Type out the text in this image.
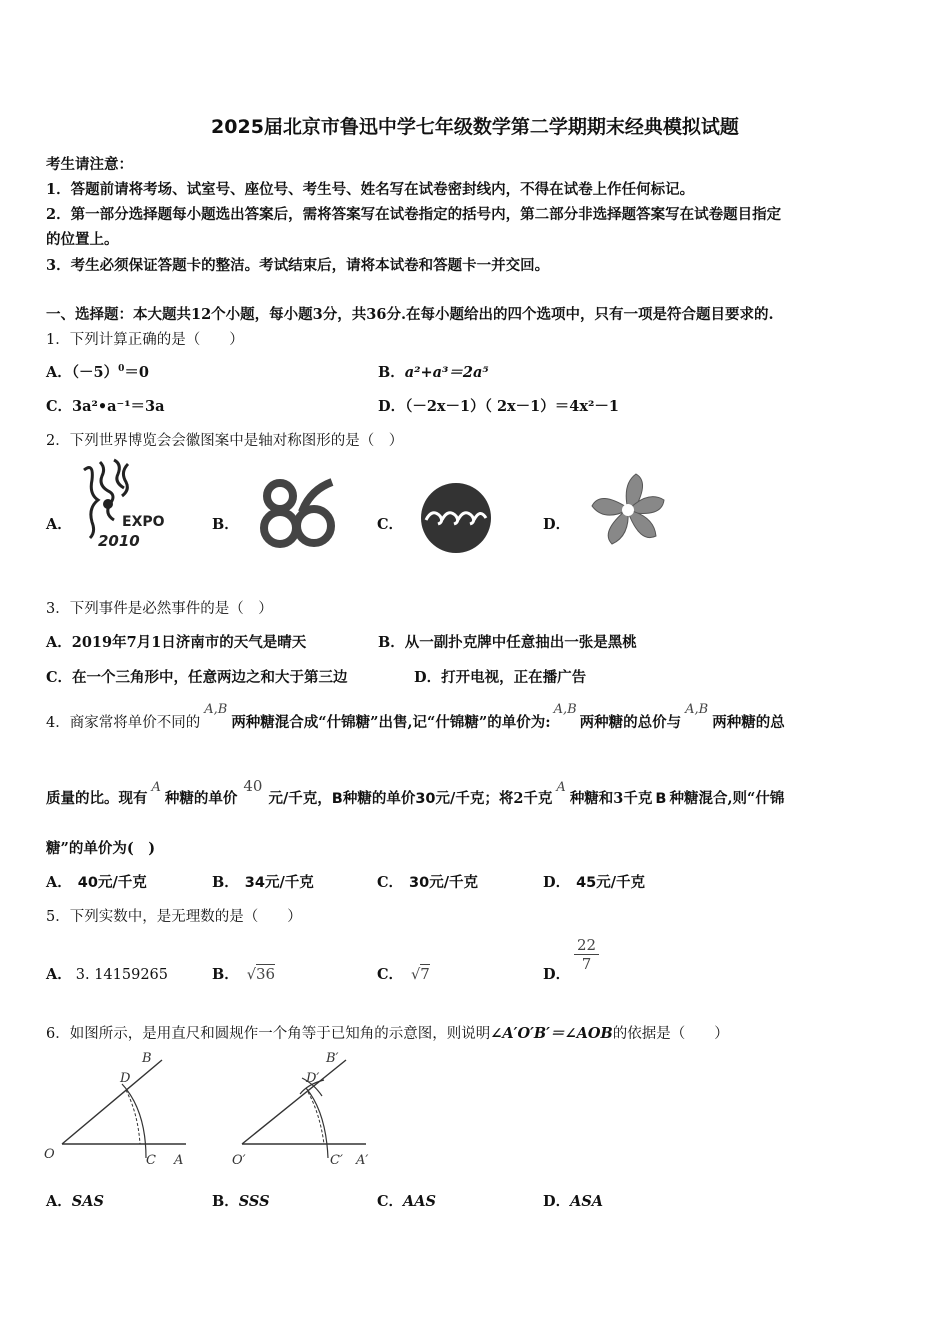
2025届北京市鲁迅中学七年级数学第二学期期末经典模拟试题
考生请注意：
1．答题前请将考场、试室号、座位号、考生号、姓名写在试卷密封线内，不得在试卷上作任何标记。
2．第一部分选择题每小题选出答案后，需将答案写在试卷指定的括号内，第二部分非选择题答案写在试卷题目指定
的位置上。
3．考生必须保证答题卡的整洁。考试结束后，请将本试卷和答题卡一并交回。
一、选择题：本大题共12个小题，每小题3分，共36分.在每小题给出的四个选项中，只有一项是符合题目要求的.
1．下列计算正确的是（　　）
A．$(-5)^0=0$	B．a²+a³＝2a⁵
C．3a²•a⁻¹＝3a	D．（－2x－1）（ 2x－1）＝4x²－1
2．下列世界博览会会徽图案中是轴对称图形的是（　）
A．	B．	C．	D．
EXPO
2010
3．下列事件是必然事件的是（　）
A．2019年7月1日济南市的天气是晴天	B．从一副扑克牌中任意抽出一张是黑桃
C．在一个三角形中，任意两边之和大于第三边	D．打开电视，正在播广告
4．商家常将单价不同的A,B两种糖混合成“什锦糖”出售,记“什锦糖”的单价为:A,B两种糖的总价与A,B两种糖的总
质量的比。现有A种糖的单价40元/千克，B种糖的单价30元/千克；将2千克A种糖和3千克 B 种糖混合,则“什锦
糖”的单价为(　)
A． 40元/千克	B． 34元/千克	C． 30元/千克	D． 45元/千克
5．下列实数中，是无理数的是（　　）
A． 3. 14159265	B． √36	C． √7	D．
$\frac{22}{7}$
6．如图所示，是用直尺和圆规作一个角等于已知角的示意图，则说明∠A′O′B′＝∠AOB的依据是（　　）
O	C A
B
D
O′	C′ A′
B′
D′
A．SAS	B．SSS	C．AAS	D．ASA
